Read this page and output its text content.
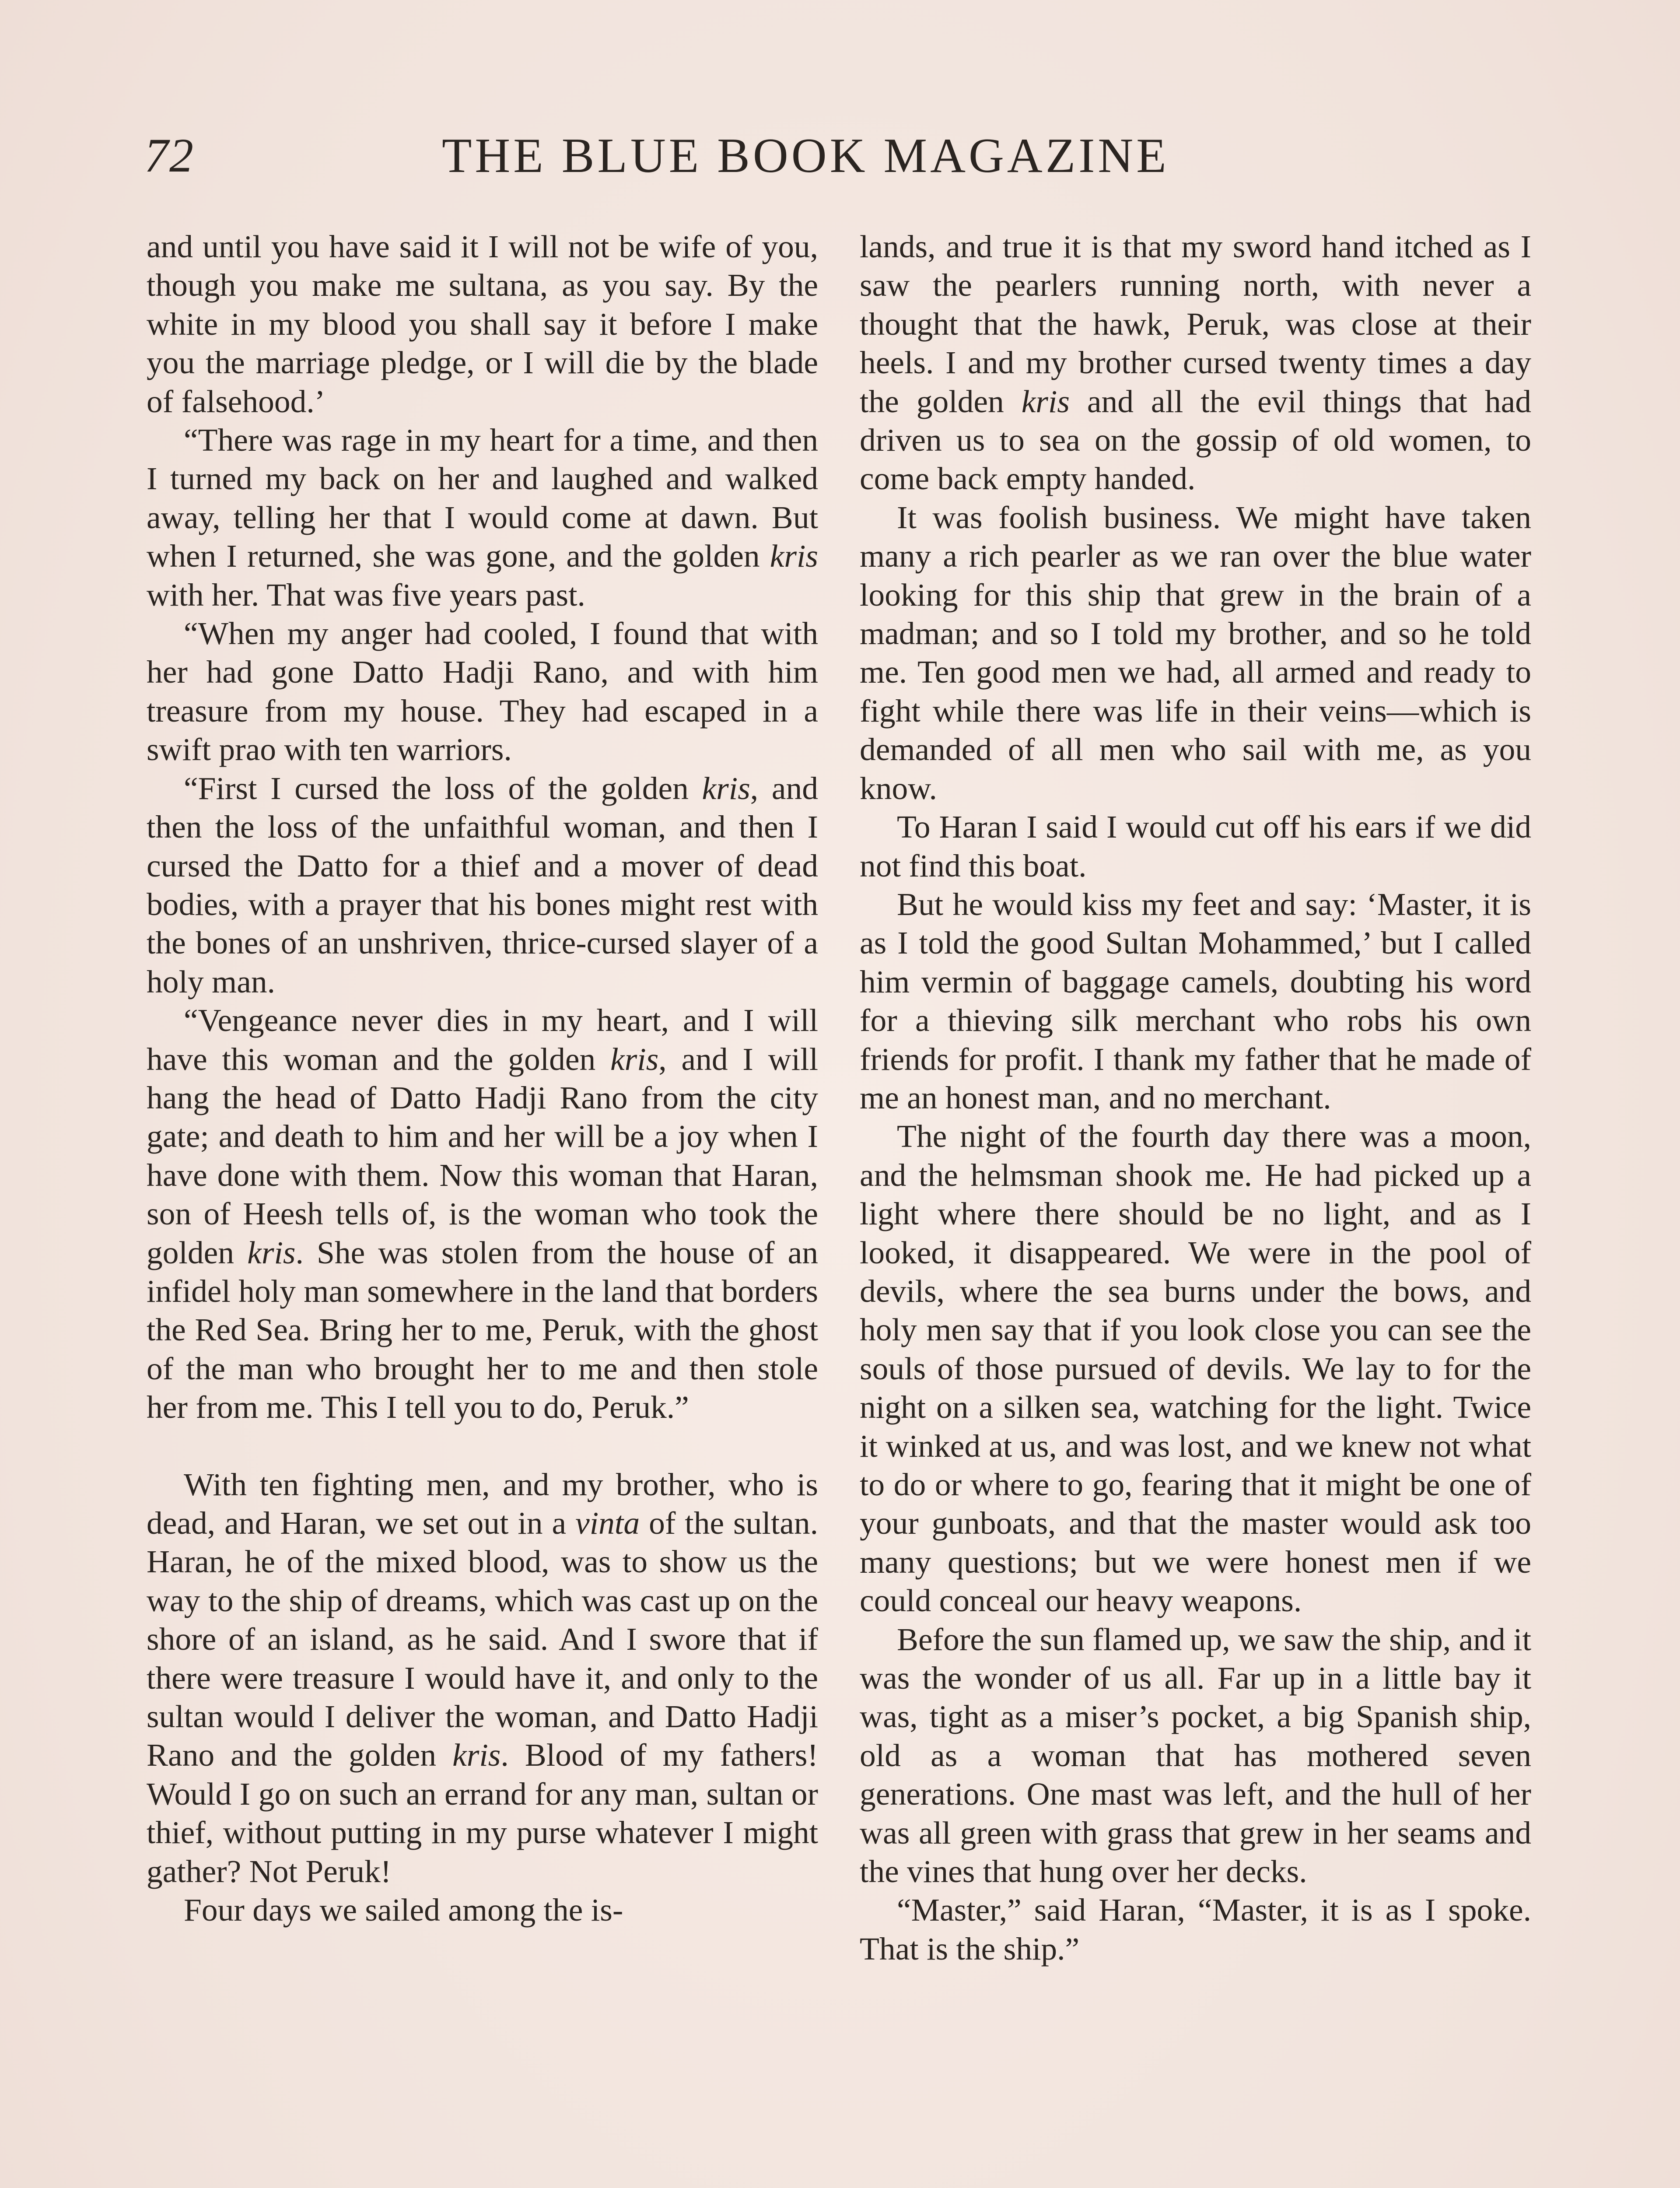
72	THE BLUE BOOK MAGAZINE

and until you have said it I will not be wife of you, though you make me sultana, as you say. By the white in my blood you shall say it before I make you the marriage pledge, or I will die by the blade of falsehood.’

“There was rage in my heart for a time, and then I turned my back on her and laughed and walked away, telling her that I would come at dawn. But when I returned, she was gone, and the golden kris with her. That was five years past.

“When my anger had cooled, I found that with her had gone Datto Hadji Rano, and with him treasure from my house. They had escaped in a swift prao with ten warriors.

“First I cursed the loss of the golden kris, and then the loss of the unfaithful woman, and then I cursed the Datto for a thief and a mover of dead bodies, with a prayer that his bones might rest with the bones of an unshriven, thrice-cursed slayer of a holy man.

“Vengeance never dies in my heart, and I will have this woman and the golden kris, and I will hang the head of Datto Hadji Rano from the city gate; and death to him and her will be a joy when I have done with them. Now this woman that Haran, son of Heesh tells of, is the woman who took the golden kris. She was stolen from the house of an infidel holy man somewhere in the land that borders the Red Sea. Bring her to me, Peruk, with the ghost of the man who brought her to me and then stole her from me. This I tell you to do, Peruk.”

With ten fighting men, and my brother, who is dead, and Haran, we set out in a vinta of the sultan. Haran, he of the mixed blood, was to show us the way to the ship of dreams, which was cast up on the shore of an island, as he said. And I swore that if there were treasure I would have it, and only to the sultan would I deliver the woman, and Datto Hadji Rano and the golden kris. Blood of my fathers! Would I go on such an errand for any man, sultan or thief, without putting in my purse whatever I might gather? Not Peruk!

Four days we sailed among the is-

lands, and true it is that my sword hand itched as I saw the pearlers running north, with never a thought that the hawk, Peruk, was close at their heels. I and my brother cursed twenty times a day the golden kris and all the evil things that had driven us to sea on the gossip of old women, to come back empty handed.

It was foolish business. We might have taken many a rich pearler as we ran over the blue water looking for this ship that grew in the brain of a madman; and so I told my brother, and so he told me. Ten good men we had, all armed and ready to fight while there was life in their veins—which is demanded of all men who sail with me, as you know.

To Haran I said I would cut off his ears if we did not find this boat.

But he would kiss my feet and say: ‘Master, it is as I told the good Sultan Mohammed,’ but I called him vermin of baggage camels, doubting his word for a thieving silk merchant who robs his own friends for profit. I thank my father that he made of me an honest man, and no merchant.

The night of the fourth day there was a moon, and the helmsman shook me. He had picked up a light where there should be no light, and as I looked, it disappeared. We were in the pool of devils, where the sea burns under the bows, and holy men say that if you look close you can see the souls of those pursued of devils. We lay to for the night on a silken sea, watching for the light. Twice it winked at us, and was lost, and we knew not what to do or where to go, fearing that it might be one of your gunboats, and that the master would ask too many questions; but we were honest men if we could conceal our heavy weapons.

Before the sun flamed up, we saw the ship, and it was the wonder of us all. Far up in a little bay it was, tight as a miser’s pocket, a big Spanish ship, old as a woman that has mothered seven generations. One mast was left, and the hull of her was all green with grass that grew in her seams and the vines that hung over her decks.

“Master,” said Haran, “Master, it is as I spoke. That is the ship.”
